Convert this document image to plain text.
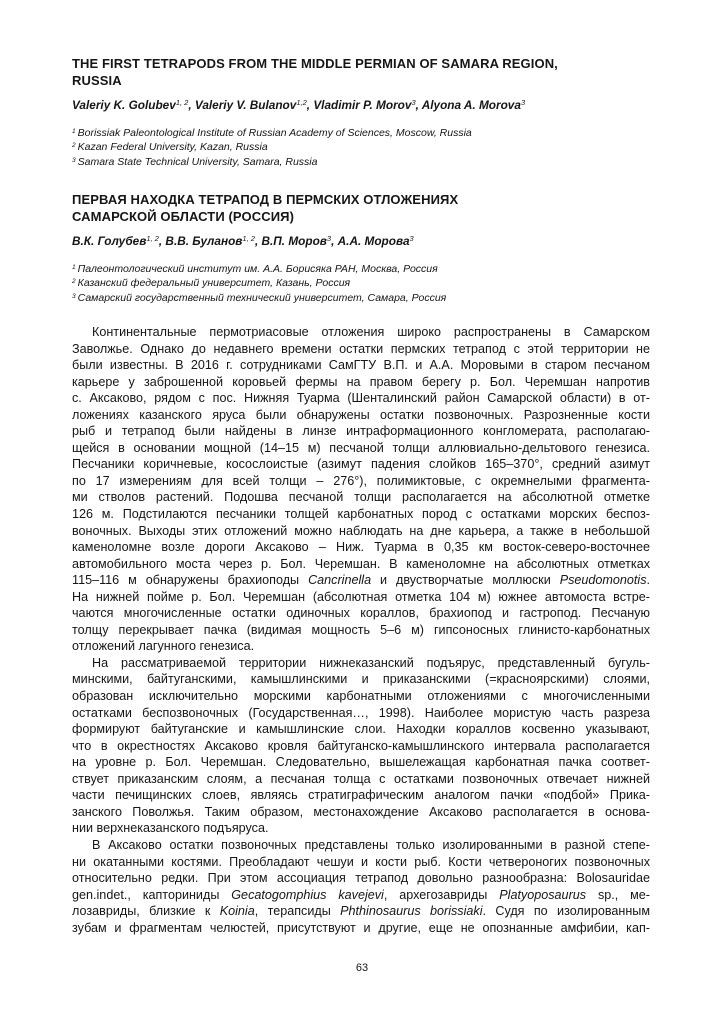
THE FIRST TETRAPODS FROM THE MIDDLE PERMIAN OF SAMARA REGION,
RUSSIA
Valeriy K. Golubev$^{1, 2}$, Valeriy V. Bulanov$^{1,2}$, Vladimir P. Morov$^3$, Alyona A. Morova$^3$
$^1$ Borissiak Paleontological Institute of Russian Academy of Sciences, Moscow, Russia
$^2$ Kazan Federal University, Kazan, Russia
$^3$ Samara State Technical University, Samara, Russia
ПЕРВАЯ НАХОДКА ТЕТРАПОД В ПЕРМСКИХ ОТЛОЖЕНИЯХ
САМАРСКОЙ ОБЛАСТИ (РОССИЯ)
В.К. Голубев$^{1, 2}$, В.В. Буланов$^{1, 2}$, В.П. Моров$^3$, А.А. Морова$^3$
$^1$ Палеонтологический институт им. А.А. Борисяка РАН, Москва, Россия
$^2$ Казанский федеральный университет, Казань, Россия
$^3$ Самарский государственный технический университет, Самара, Россия
Континентальные пермотриасовые отложения широко распространены в Самарском
Заволжье. Однако до недавнего времени остатки пермских тетрапод с этой территории не
были известны. В 2016 г. сотрудниками СамГТУ В.П. и А.А. Моровыми в старом песчаном
карьере у заброшенной коровьей фермы на правом берегу р. Бол. Черемшан напротив
с. Аксаково, рядом с пос. Нижняя Туарма (Шенталинский район Самарской области) в от-
ложениях казанского яруса были обнаружены остатки позвоночных. Разрозненные кости
рыб и тетрапод были найдены в линзе интраформационного конгломерата, располагаю-
щейся в основании мощной (14–15 м) песчаной толщи аллювиально-дельтового генезиса.
Песчаники коричневые, косослоистые (азимут падения слойков 165–370°, средний азимут
по 17 измерениям для всей толщи – 276°), полимиктовые, с окремнелыми фрагмента-
ми стволов растений. Подошва песчаной толщи располагается на абсолютной отметке
126 м. Подстилаются песчаники толщей карбонатных пород с остатками морских беспоз-
воночных. Выходы этих отложений можно наблюдать на дне карьера, а также в небольшой
каменоломне возле дороги Аксаково – Ниж. Туарма в 0,35 км восток-северо-восточнее
автомобильного моста через р. Бол. Черемшан. В каменоломне на абсолютных отметках
115–116 м обнаружены брахиоподы Cancrinella и двустворчатые моллюски Pseudomonotis.
На нижней пойме р. Бол. Черемшан (абсолютная отметка 104 м) южнее автомоста встре-
чаются многочисленные остатки одиночных кораллов, брахиопод и гастропод. Песчаную
толщу перекрывает пачка (видимая мощность 5–6 м) гипсоносных глинисто-карбонатных
отложений лагунного генезиса.
На рассматриваемой территории нижнеказанский подъярус, представленный бугуль-
минскими, байтуганскими, камышлинскими и приказанскими (=красноярскими) слоями,
образован исключительно морскими карбонатными отложениями с многочисленными
остатками беспозвоночных (Государственная…, 1998). Наиболее мористую часть разреза
формируют байтуганские и камышлинские слои. Находки кораллов косвенно указывают,
что в окрестностях Аксаково кровля байтуганско-камышлинского интервала располагается
на уровне р. Бол. Черемшан. Следовательно, вышележащая карбонатная пачка соответ-
ствует приказанским слоям, а песчаная толща с остатками позвоночных отвечает нижней
части печищинских слоев, являясь стратиграфическим аналогом пачки «подбой» Прика-
занского Поволжья. Таким образом, местонахождение Аксаково располагается в основа-
нии верхнеказанского подъяруса.
В Аксаково остатки позвоночных представлены только изолированными в разной степе-
ни окатанными костями. Преобладают чешуи и кости рыб. Кости четвероногих позвоночных
относительно редки. При этом ассоциация тетрапод довольно разнообразна: Bolosauridae
gen.indet., капториниды Gecatogomphius kavejevi, архегозавриды Platyoposaurus sp., ме-
лозавриды, близкие к Koinia, терапсиды Phthinosaurus borissiaki. Судя по изолированным
зубам и фрагментам челюстей, присутствуют и другие, еще не опознанные амфибии, кап-
63
